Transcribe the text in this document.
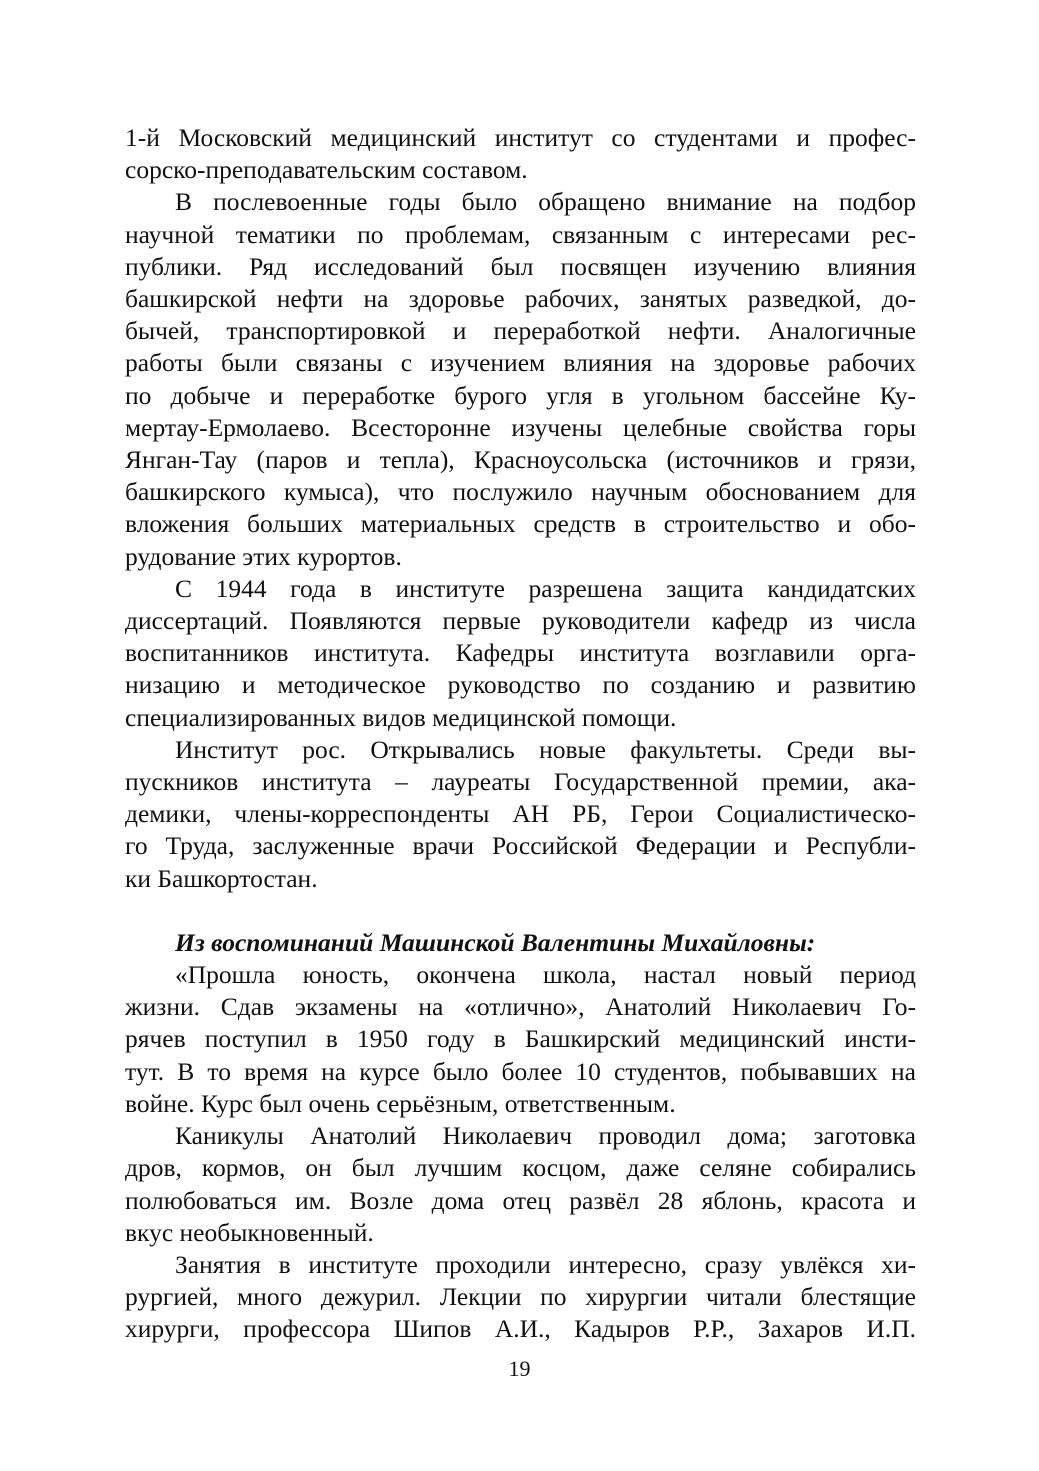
1-й Московский медицинский институт со студентами и профес-
сорско-преподавательским составом.
В послевоенные годы было обращено внимание на подбор
научной тематики по проблемам, связанным с интересами рес-
публики. Ряд исследований был посвящен изучению влияния
башкирской нефти на здоровье рабочих, занятых разведкой, до-
бычей, транспортировкой и переработкой нефти. Аналогичные
работы были связаны с изучением влияния на здоровье рабочих
по добыче и переработке бурого угля в угольном бассейне Ку-
мертау-Ермолаево. Всесторонне изучены целебные свойства горы
Янган-Тау (паров и тепла), Красноусольска (источников и грязи,
башкирского кумыса), что послужило научным обоснованием для
вложения больших материальных средств в строительство и обо-
рудование этих курортов.
С 1944 года в институте разрешена защита кандидатских
диссертаций. Появляются первые руководители кафедр из числа
воспитанников института. Кафедры института возглавили орга-
низацию и методическое руководство по созданию и развитию
специализированных видов медицинской помощи.
Институт рос. Открывались новые факультеты. Среди вы-
пускников института – лауреаты Государственной премии, ака-
демики, члены-корреспонденты АН РБ, Герои Социалистическо-
го Труда, заслуженные врачи Российской Федерации и Республи-
ки Башкортостан.
Из воспоминаний Машинской Валентины Михайловны:
«Прошла юность, окончена школа, настал новый период
жизни. Сдав экзамены на «отлично», Анатолий Николаевич Го-
рячев поступил в 1950 году в Башкирский медицинский инсти-
тут. В то время на курсе было более 10 студентов, побывавших на
войне. Курс был очень серьёзным, ответственным.
Каникулы Анатолий Николаевич проводил дома; заготовка
дров, кормов, он был лучшим косцом, даже селяне собирались
полюбоваться им. Возле дома отец развёл 28 яблонь, красота и
вкус необыкновенный.
Занятия в институте проходили интересно, сразу увлёкся хи-
рургией, много дежурил. Лекции по хирургии читали блестящие
хирурги, профессора Шипов А.И., Кадыров Р.Р., Захаров И.П.
19
